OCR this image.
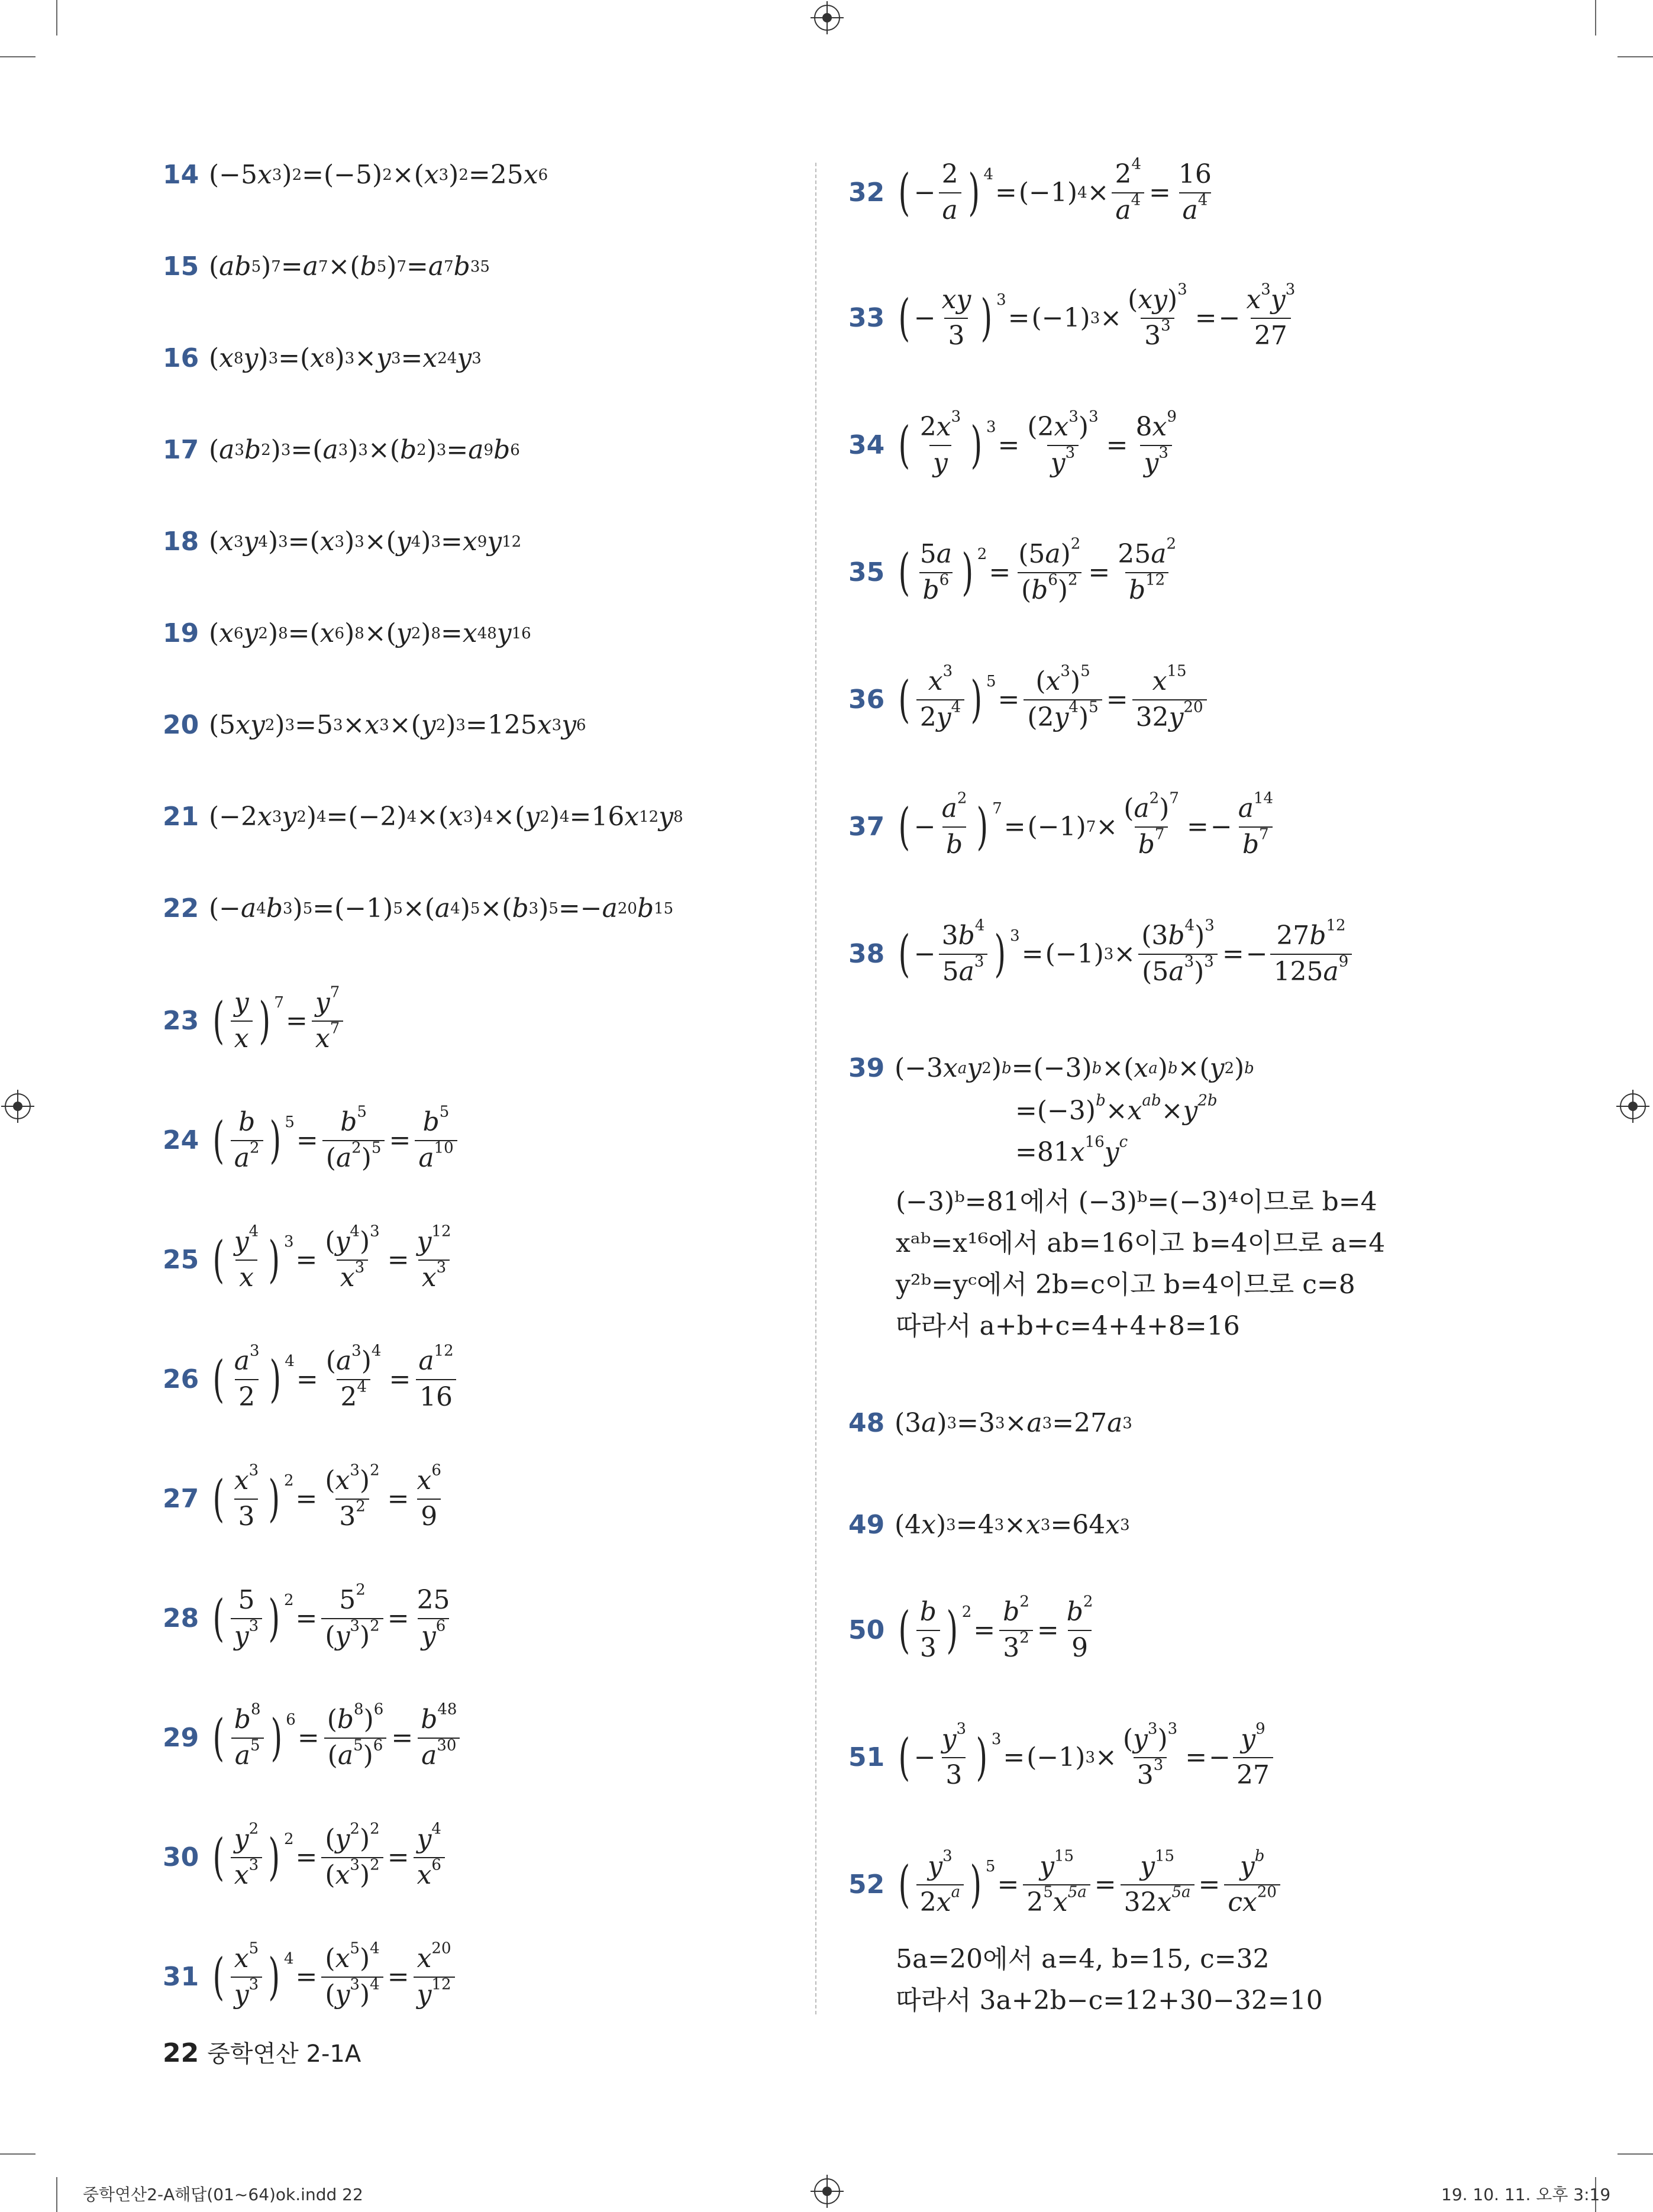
14 (−5 x 3 ) 2 =(−5) 2 ×( x 3 ) 2 =25 x 6
15 ( ab 5 ) 7 = a 7 ×( b 5 ) 7 = a 7 b 35
16 ( x 8 y ) 3 =( x 8 ) 3 × y 3 = x 24 y 3
17 ( a 3 b 2 ) 3 =( a 3 ) 3 ×( b 2 ) 3 = a 9 b 6
18 ( x 3 y 4 ) 3 =( x 3 ) 3 ×( y 4 ) 3 = x 9 y 12
19 ( x 6 y 2 ) 8 =( x 6 ) 8 ×( y 2 ) 8 = x 48 y 16
20 (5 xy 2 ) 3 =5 3 × x 3 ×( y 2 ) 3 =125 x 3 y 6
21 (−2 x 3 y 2 ) 4 =(−2) 4 ×( x 3 ) 4 ×( y 2 ) 4 =16 x 12 y 8
22 (− a 4 b 3 ) 5 =(−1) 5 ×( a 4 ) 5 ×( b 3 ) 5 =− a 20 b 15
23 ( $\frac{y}{x}$ ) 7
= $\frac{y^7}{x^7}$
24 ( $\frac{b}{a^2}$ ) 5
= $\frac{b^5}{(a^2)^5} = \frac{b^5}{a^{10}}$
25 ( $\frac{y^4}{x}$ ) 3
= $\frac{(y^4)^3}{x^3} = \frac{y^{12}}{x^3}$
26 ( $\frac{a^3}{2}$ ) 4
= $\frac{(a^3)^4}{2^4} = \frac{a^{12}}{16}$
27 ( $\frac{x^3}{3}$ ) 2
= $\frac{(x^3)^2}{3^2} = \frac{x^6}{9}$
28 ( $\frac{5}{y^3}$ ) 2
= $\frac{5^2}{(y^3)^2} = \frac{25}{y^6}$
29 ( $\frac{b^8}{a^5}$ ) 6
= $\frac{(b^8)^6}{(a^5)^6} = \frac{b^{48}}{a^{30}}$
30 ( $\frac{y^2}{x^3}$ ) 2
= $\frac{(y^2)^2}{(x^3)^2} = \frac{y^4}{x^6}$
31 ( $\frac{x^5}{y^3}$ ) 4
= $\frac{(x^5)^4}{(y^3)^4} = \frac{x^{20}}{y^{12}}$
32 ( − $\frac{2}{a}$ ) 4
= (−1) $4 \times \frac{2^4}{a^4} = \frac{16}{a^4}$
33 ( − $\frac{xy}{3}$ ) 3
= (−1) $3 \times \frac{(xy)^3}{3^3}$ = − $\frac{x^3y^3}{27}$
34 ( $\frac{2x^3}{y}$ ) 3
= $\frac{(2x^3)^3}{y^3} = \frac{8x^9}{y^3}$
35 ( $\frac{5a}{b^6}$ ) 2
= $\frac{(5a)^2}{(b^6)^2} = \frac{25a^2}{b^{12}}$
36 ( $\frac{x^3}{2y^4}$ ) 5
= $\frac{(x^3)^5}{(2y^4)^5} = \frac{x^{15}}{32y^{20}}$
37 ( − $\frac{a^2}{b}$ ) 7
= (−1) $7 \times \frac{(a^2)^7}{b^7}$ = − $\frac{a^{14}}{b^7}$
38 ( − $\frac{3b^4}{5a^3}$ ) 3
= (−1) $3 \times \frac{(3b^4)^3}{(5a^3)^3}$ = − $\frac{27b^{12}}{125a^9}$
39 (−3 x a y 2 ) b =(−3) b ×( x a ) b ×( y 2 ) b
$=(-3)^b\times x^{ab}\times y^{2b}$
$=81x^{16}y^c$
(−3)ᵇ=81에서 (−3)ᵇ=(−3)⁴이므로 b=4
xᵃᵇ=x¹⁶에서 ab=16이고 b=4이므로 a=4
y²ᵇ=yᶜ에서 2b=c이고 b=4이므로 c=8
따라서 a+b+c=4+4+8=16
48 (3 a ) 3 =3 3 × a 3 =27 a 3
49 (4 x ) 3 =4 3 × x 3 =64 x 3
50 ( $\frac{b}{3}$ ) 2
= $\frac{b^2}{3^2} = \frac{b^2}{9}$
51 ( − $\frac{y^3}{3}$ ) 3
= (−1) $3 \times \frac{(y^3)^3}{3^3}$ = − $\frac{y^9}{27}$
52 ( $\frac{y^3}{2x^a}$ ) 5
= $\frac{y^{15}}{2^5x^{5a}} = \frac{y^{15}}{32x^{5a}} = \frac{y^b}{cx^{20}}$
5a=20에서 a=4, b=15, c=32
따라서 3a+2b−c=12+30−32=10
22 중학연산 2-1A
중학연산2-A해답(01~64)ok.indd 22	19. 10. 11. 오후 3:19
